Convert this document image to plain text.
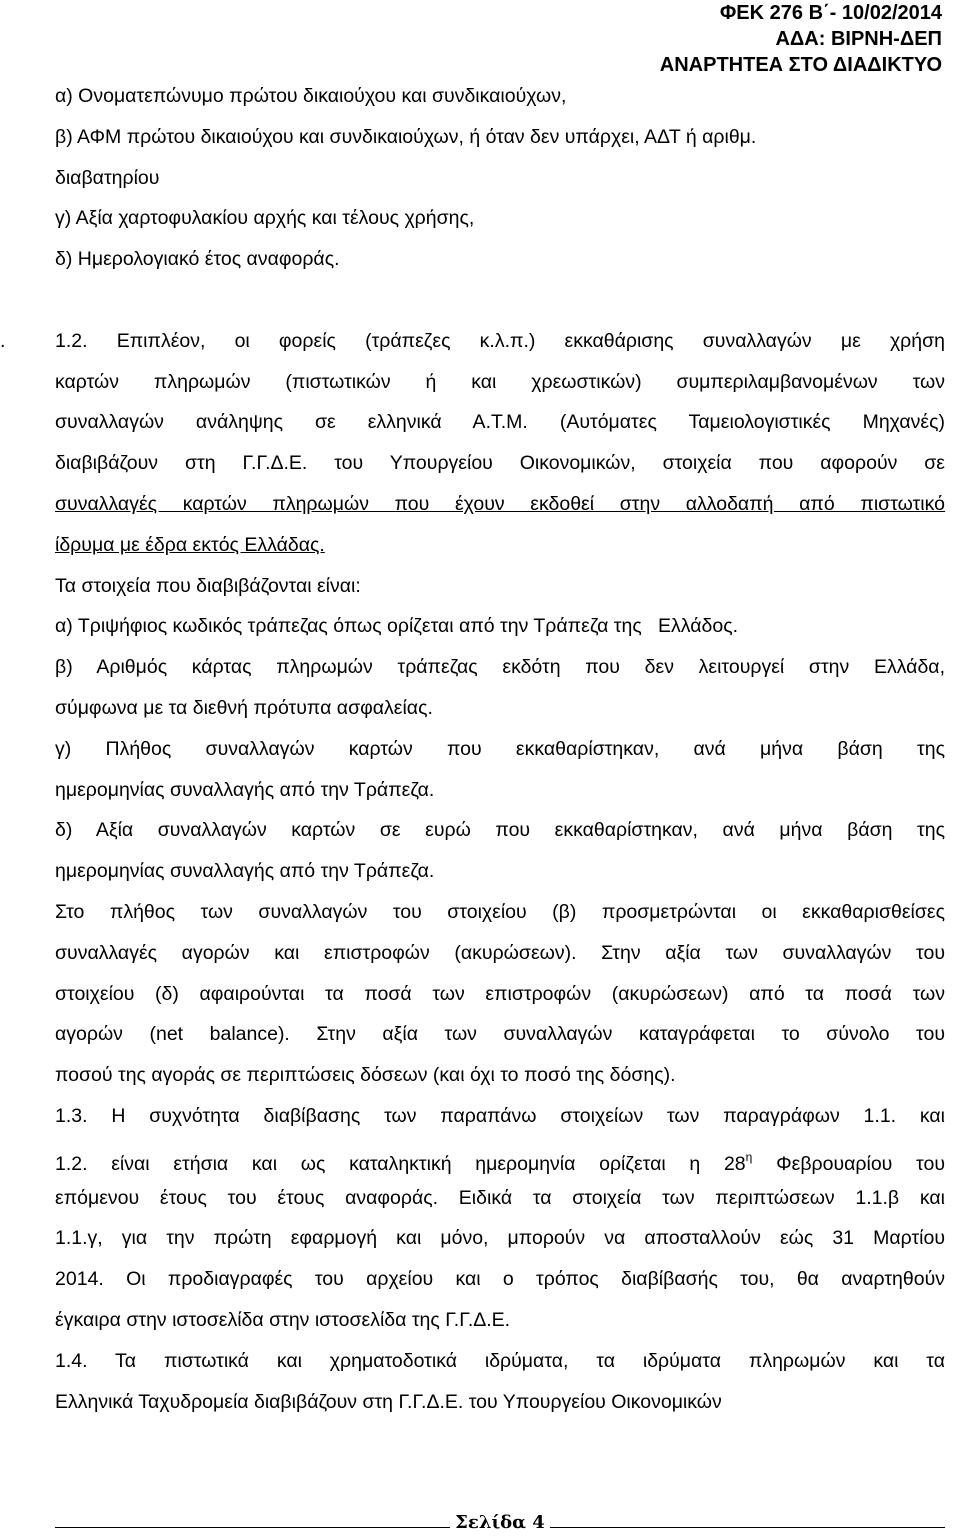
ΦΕΚ 276 Β΄- 10/02/2014
ΑΔΑ: ΒΙΡΝΗ-ΔΕΠ
ΑΝΑΡΤΗΤΕΑ ΣΤΟ ΔΙΑΔΙΚΤΥΟ
α) Ονοματεπώνυμο πρώτου δικαιούχου και συνδικαιούχων,
β) ΑΦΜ πρώτου δικαιούχου και συνδικαιούχων, ή όταν δεν υπάρχει, ΑΔΤ ή αριθμ.
διαβατηρίου
γ) Αξία χαρτοφυλακίου αρχής και τέλους χρήσης,
δ) Ημερολογιακό έτος αναφοράς.
.	1.2. Επιπλέον, οι φορείς (τράπεζες κ.λ.π.) εκκαθάρισης συναλλαγών με χρήση
καρτών πληρωμών (πιστωτικών ή και χρεωστικών) συμπεριλαμβανομένων των
συναλλαγών ανάληψης σε ελληνικά Α.Τ.Μ. (Αυτόματες Ταμειολογιστικές Μηχανές)
διαβιβάζουν στη Γ.Γ.Δ.Ε. του Υπουργείου Οικονομικών, στοιχεία που αφορούν σε
συναλλαγές καρτών πληρωμών που έχουν εκδοθεί στην αλλοδαπή από πιστωτικό
ίδρυμα με έδρα εκτός Ελλάδας.
Τα στοιχεία που διαβιβάζονται είναι:
α) Τριψήφιος κωδικός τράπεζας όπως ορίζεται από την Τράπεζα της   Ελλάδος.
β) Αριθμός κάρτας πληρωμών τράπεζας εκδότη που δεν λειτουργεί στην Ελλάδα,
σύμφωνα με τα διεθνή πρότυπα ασφαλείας.
γ) Πλήθος συναλλαγών καρτών που εκκαθαρίστηκαν, ανά μήνα βάση της
ημερομηνίας συναλλαγής από την Τράπεζα.
δ) Αξία συναλλαγών καρτών σε ευρώ που εκκαθαρίστηκαν, ανά μήνα βάση της
ημερομηνίας συναλλαγής από την Τράπεζα.
Στο πλήθος των συναλλαγών του στοιχείου (β) προσμετρώνται οι εκκαθαρισθείσες
συναλλαγές αγορών και επιστροφών (ακυρώσεων). Στην αξία των συναλλαγών του
στοιχείου (δ) αφαιρούνται τα ποσά των επιστροφών (ακυρώσεων) από τα ποσά των
αγορών (net balance). Στην αξία των συναλλαγών καταγράφεται το σύνολο του
ποσού της αγοράς σε περιπτώσεις δόσεων (και όχι το ποσό της δόσης).
1.3. Η συχνότητα διαβίβασης των παραπάνω στοιχείων των παραγράφων 1.1. και
1.2. είναι ετήσια και ως καταληκτική ημερομηνία ορίζεται η $28^\eta$ Φεβρουαρίου του
επόμενου έτους του έτους αναφοράς. Ειδικά τα στοιχεία των περιπτώσεων 1.1.β και
1.1.γ, για την πρώτη εφαρμογή και μόνο, μπορούν να αποσταλλούν εώς 31 Μαρτίου
2014. Οι προδιαγραφές του αρχείου και ο τρόπος διαβίβασής του, θα αναρτηθούν
έγκαιρα στην ιστοσελίδα στην ιστοσελίδα της Γ.Γ.Δ.Ε.
1.4. Τα πιστωτικά και χρηματοδοτικά ιδρύματα, τα ιδρύματα πληρωμών και τα
Ελληνικά Ταχυδρομεία διαβιβάζουν στη Γ.Γ.Δ.Ε. του Υπουργείου Οικονομικών
Σελίδα 4
